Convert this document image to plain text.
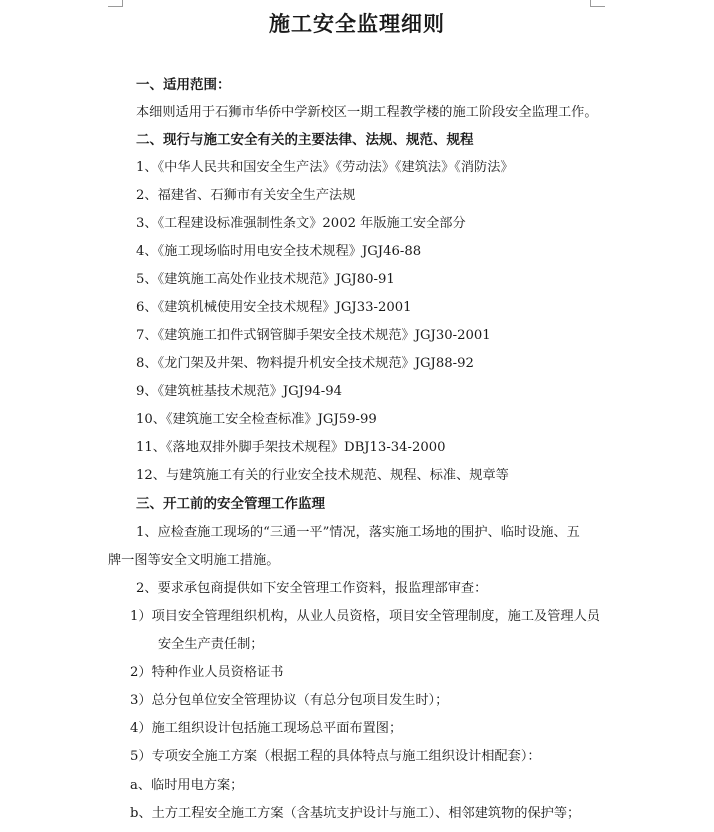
施工安全监理细则
一、适用范围：
本细则适用于石狮市华侨中学新校区一期工程教学楼的施工阶段安全监理工作。
二、现行与施工安全有关的主要法律、法规、规范、规程
1、《中华人民共和国安全生产法》《劳动法》《建筑法》《消防法》
2、福建省、石狮市有关安全生产法规
3、《工程建设标准强制性条文》2002 年版施工安全部分
4、《施工现场临时用电安全技术规程》JGJ46-88
5、《建筑施工高处作业技术规范》JGJ80-91
6、《建筑机械使用安全技术规程》JGJ33-2001
7、《建筑施工扣件式钢管脚手架安全技术规范》JGJ30-2001
8、《龙门架及井架、物料提升机安全技术规范》JGJ88-92
9、《建筑桩基技术规范》JGJ94-94
10、《建筑施工安全检查标准》JGJ59-99
11、《落地双排外脚手架技术规程》DBJ13-34-2000
12、与建筑施工有关的行业安全技术规范、规程、标准、规章等
三、开工前的安全管理工作监理
1、应检查施工现场的“三通一平”情况，落实施工场地的围护、临时设施、五
牌一图等安全文明施工措施。
2、要求承包商提供如下安全管理工作资料，报监理部审查：
1）项目安全管理组织机构，从业人员资格，项目安全管理制度，施工及管理人员
安全生产责任制；
2）特种作业人员资格证书
3）总分包单位安全管理协议（有总分包项目发生时）；
4）施工组织设计包括施工现场总平面布置图；
5）专项安全施工方案（根据工程的具体特点与施工组织设计相配套）：
a、临时用电方案；
b、土方工程安全施工方案（含基坑支护设计与施工）、相邻建筑物的保护等；
